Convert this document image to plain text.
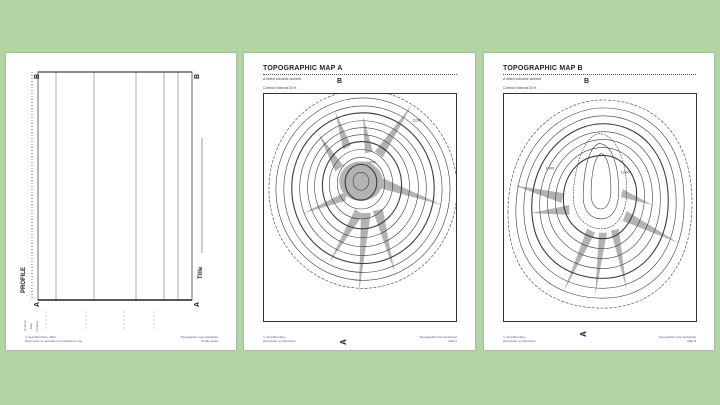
B	B
A	A
PROFILE	Title
Contour Map Location
© Jean Burnham, 2021
Permission to reproduce for classroom use
Topographic map worksheet
Profile sheet
TOPOGRAPHIC MAP A
A listed volcanic summit
Contour interval 20 ft
B
1200
1400
A
© Jean Burnham
Permission to reproduce
Topographic map worksheet
Map A
TOPOGRAPHIC MAP B
A listed volcanic summit
Contour interval 20 ft
B
1200
1400
A
© Jean Burnham
Permission to reproduce
Topographic map worksheet
Map B
